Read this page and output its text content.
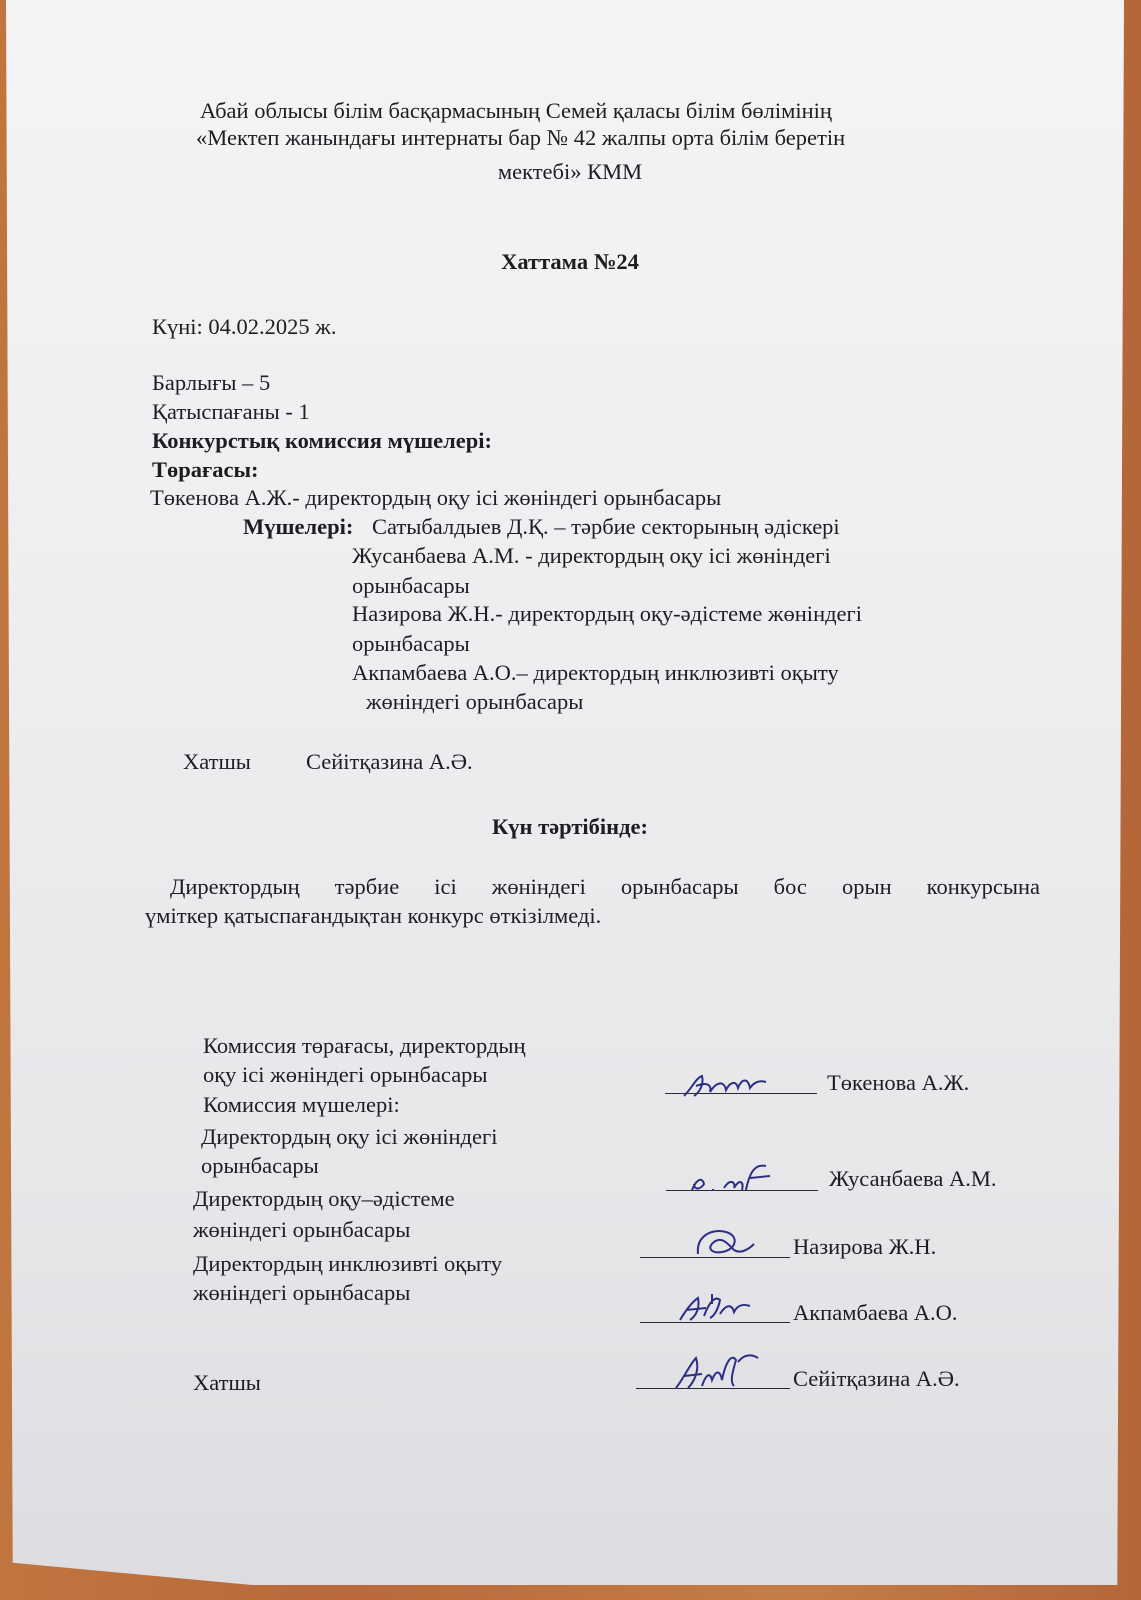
Абай облысы білім басқармасының Семей қаласы білім бөлімінің
«Мектеп жанындағы интернаты бар № 42 жалпы орта білім беретін
мектебі» КММ
Хаттама №24
Күні: 04.02.2025 ж.
Барлығы – 5
Қатыспағаны - 1
Конкурстық комиссия мүшелері:
Төрағасы:
Төкенова А.Ж.- директордың оқу ісі жөніндегі орынбасары
Мүшелері: Сатыбалдыев Д.Қ. – тәрбие секторының әдіскері
Жусанбаева А.М. - директордың оқу ісі жөніндегі
орынбасары
Назирова Ж.Н.- директордың оқу-әдістеме жөніндегі
орынбасары
Акпамбаева А.О.– директордың инклюзивті оқыту
жөніндегі орынбасары
Хатшы Сейітқазина А.Ә.
Күн тәртібінде:
Директордың тәрбие ісі жөніндегі орынбасары бос орын конкурсына
үміткер қатыспағандықтан конкурс өткізілмеді.
Комиссия төрағасы, директордың
оқу ісі жөніндегі орынбасары
Комиссия мүшелері:
Директордың оқу ісі жөніндегі
орынбасары
Директордың оқу–әдістеме
жөніндегі орынбасары
Директордың инклюзивті оқыту
жөніндегі орынбасары
Хатшы
Төкенова А.Ж.
Жусанбаева А.М.
Назирова Ж.Н.
Акпамбаева А.О.
Сейітқазина А.Ә.
